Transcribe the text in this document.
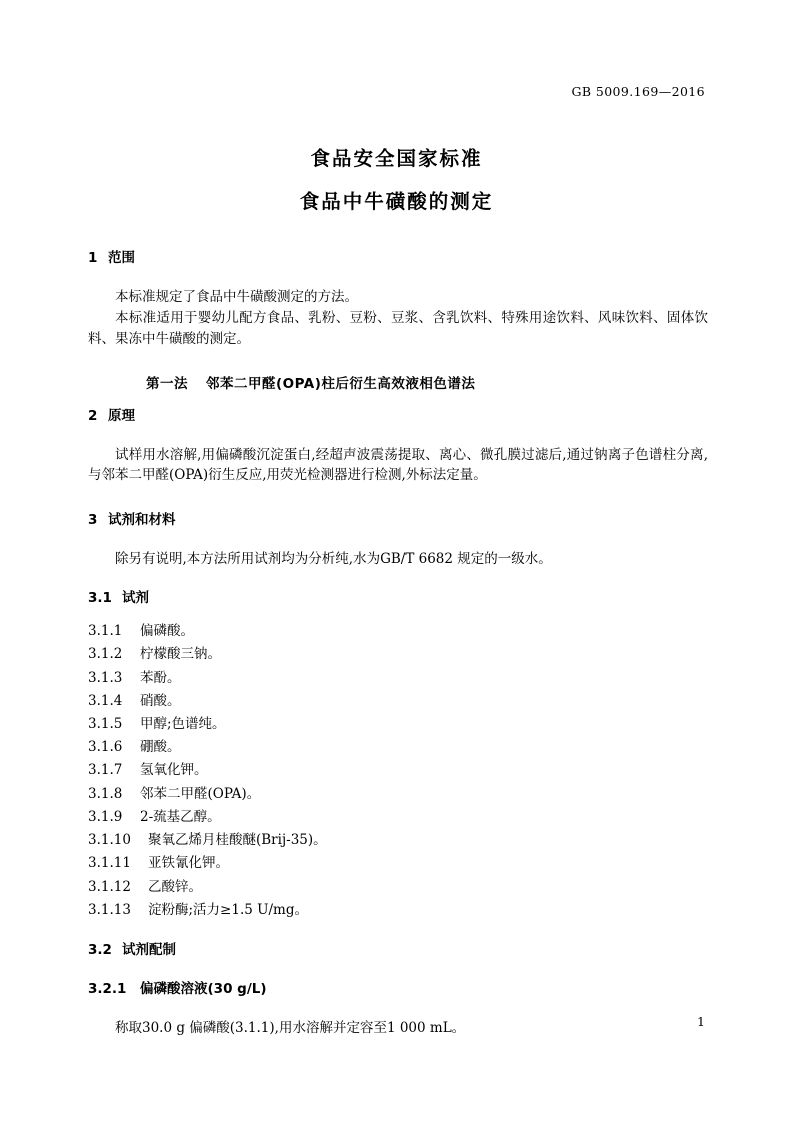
GB 5009.169—2016
食品安全国家标准
食品中牛磺酸的测定

1 范围

本标准规定了食品中牛磺酸测定的方法。

本标准适用于婴幼儿配方食品、乳粉、豆粉、豆浆、含乳饮料、特殊用途饮料、风味饮料、固体饮料、果冻中牛磺酸的测定。

第一法 邻苯二甲醛(OPA)柱后衍生高效液相色谱法

2 原理

试样用水溶解,用偏磷酸沉淀蛋白,经超声波震荡提取、离心、微孔膜过滤后,通过钠离子色谱柱分离,与邻苯二甲醛(OPA)衍生反应,用荧光检测器进行检测,外标法定量。

3 试剂和材料

除另有说明,本方法所用试剂均为分析纯,水为GB/T 6682 规定的一级水。

3.1 试剂

3.1.1 偏磷酸。

3.1.2 柠檬酸三钠。

3.1.3 苯酚。

3.1.4 硝酸。

3.1.5 甲醇;色谱纯。

3.1.6 硼酸。

3.1.7 氢氧化钾。

3.1.8 邻苯二甲醛(OPA)。

3.1.9 2-巯基乙醇。

3.1.10 聚氧乙烯月桂酸醚(Brij-35)。

3.1.11 亚铁氰化钾。

3.1.12 乙酸锌。

3.1.13 淀粉酶;活力≥1.5 U/mg。

3.2 试剂配制

3.2.1 偏磷酸溶液(30 g/L)

称取30.0 g 偏磷酸(3.1.1),用水溶解并定容至1 000 mL。	1
